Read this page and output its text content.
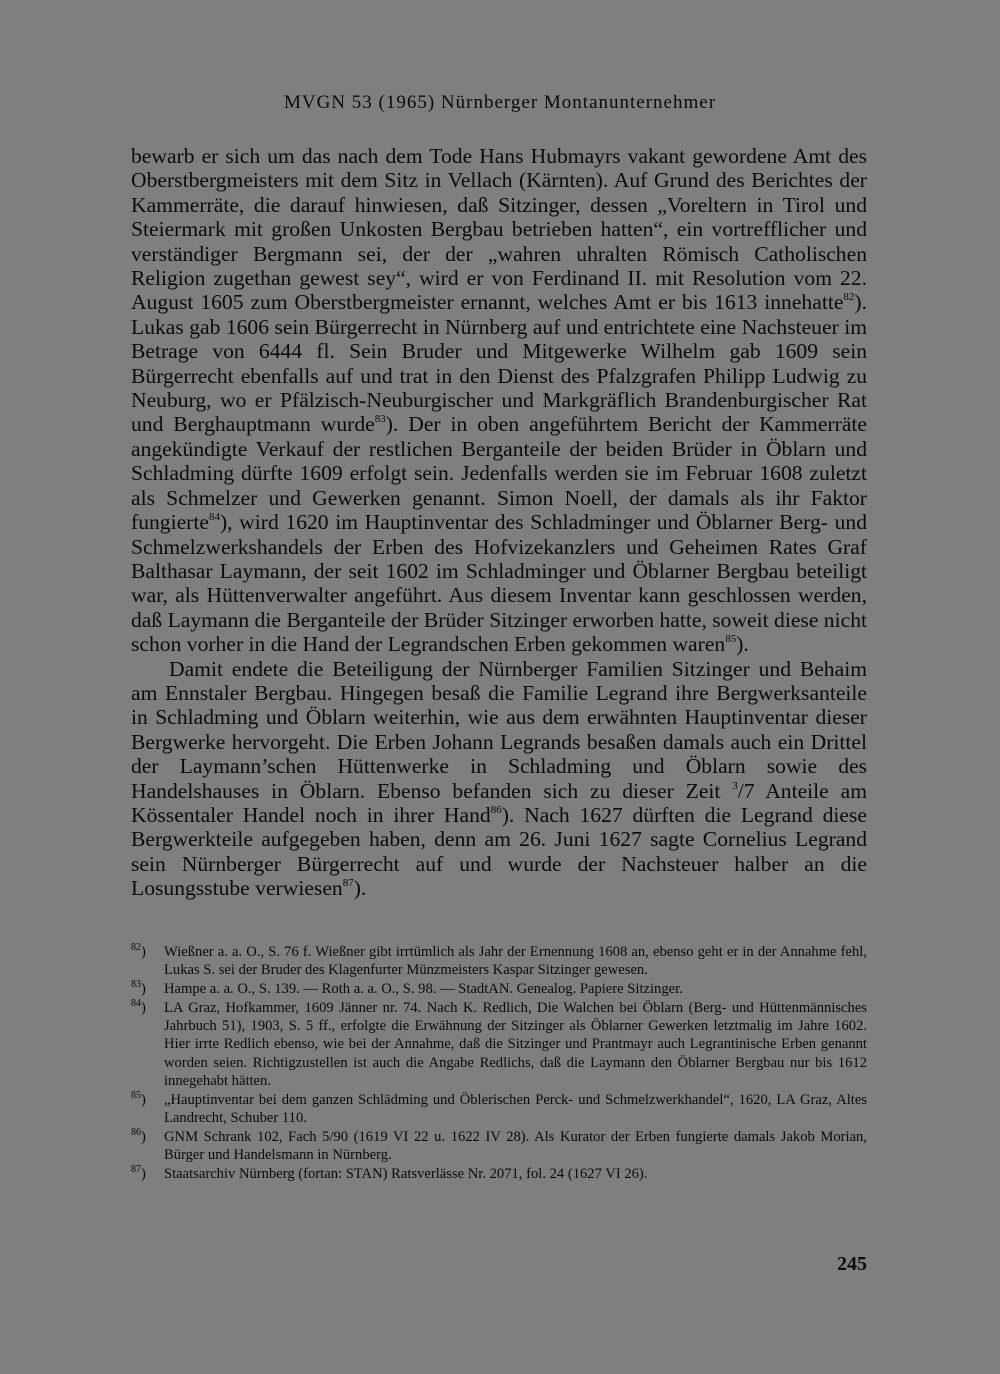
MVGN 53 (1965) Nürnberger Montanunternehmer

bewarb er sich um das nach dem Tode Hans Hubmayrs vakant gewordene Amt des Oberstbergmeisters mit dem Sitz in Vellach (Kärnten). Auf Grund des Berichtes der Kammerräte, die darauf hinwiesen, daß Sitzinger, dessen „Voreltern in Tirol und Steiermark mit großen Unkosten Bergbau betrieben hatten“, ein vortrefflicher und verständiger Bergmann sei, der der „wahren uhralten Römisch Catholischen Religion zugethan gewest sey“, wird er von Ferdinand II. mit Resolution vom 22. August 1605 zum Oberstbergmeister ernannt, welches Amt er bis 1613 innehatte$^{82}$). Lukas gab 1606 sein Bürgerrecht in Nürnberg auf und entrichtete eine Nachsteuer im Betrage von 6444 fl. Sein Bruder und Mitgewerke Wilhelm gab 1609 sein Bürgerrecht ebenfalls auf und trat in den Dienst des Pfalzgrafen Philipp Ludwig zu Neuburg, wo er Pfälzisch-Neuburgischer und Markgräflich Brandenburgischer Rat und Berghauptmann wurde$^{83}$). Der in oben angeführtem Bericht der Kammerräte angekündigte Verkauf der restlichen Berganteile der beiden Brüder in Öblarn und Schladming dürfte 1609 erfolgt sein. Jedenfalls werden sie im Februar 1608 zuletzt als Schmelzer und Gewerken genannt. Simon Noell, der damals als ihr Faktor fungierte$^{84}$), wird 1620 im Hauptinventar des Schladminger und Öblarner Berg- und Schmelzwerkshandels der Erben des Hofvizekanzlers und Geheimen Rates Graf Balthasar Laymann, der seit 1602 im Schladminger und Öblarner Bergbau beteiligt war, als Hüttenverwalter angeführt. Aus diesem Inventar kann geschlossen werden, daß Laymann die Berganteile der Brüder Sitzinger erworben hatte, soweit diese nicht schon vorher in die Hand der Legrandschen Erben gekommen waren$^{85}$).

Damit endete die Beteiligung der Nürnberger Familien Sitzinger und Behaim am Ennstaler Bergbau. Hingegen besaß die Familie Legrand ihre Bergwerksanteile in Schladming und Öblarn weiterhin, wie aus dem erwähnten Hauptinventar dieser Bergwerke hervorgeht. Die Erben Johann Legrands besaßen damals auch ein Drittel der Laymann’schen Hüttenwerke in Schladming und Öblarn sowie des Handelshauses in Öblarn. Ebenso befanden sich zu dieser Zeit $^3$/7 Anteile am Kössentaler Handel noch in ihrer Hand$^{86}$). Nach 1627 dürften die Legrand diese Bergwerkteile aufgegeben haben, denn am 26. Juni 1627 sagte Cornelius Legrand sein Nürnberger Bürgerrecht auf und wurde der Nachsteuer halber an die Losungsstube verwiesen$^{87}$).

$^{82}$) Wießner a. a. O., S. 76 f. Wießner gibt irrtümlich als Jahr der Ernennung 1608 an, ebenso geht er in der Annahme fehl, Lukas S. sei der Bruder des Klagenfurter Münzmeisters Kaspar Sitzinger gewesen.
$^{83}$) Hampe a. a. O., S. 139. — Roth a. a. O., S. 98. — StadtAN. Genealog. Papiere Sitzinger.
$^{84}$) LA Graz, Hofkammer, 1609 Jänner nr. 74. Nach K. Redlich, Die Walchen bei Öblarn (Berg- und Hüttenmännisches Jahrbuch 51), 1903, S. 5 ff., erfolgte die Erwähnung der Sitzinger als Öblarner Gewerken letztmalig im Jahre 1602. Hier irrte Redlich ebenso, wie bei der Annahme, daß die Sitzinger und Prantmayr auch Legrantinische Erben genannt worden seien. Richtigzustellen ist auch die Angabe Redlichs, daß die Laymann den Öblarner Bergbau nur bis 1612 innegehabt hätten.
$^{85}$) „Hauptinventar bei dem ganzen Schlädming und Öblerischen Perck- und Schmelzwerkhandel“, 1620, LA Graz, Altes Landrecht, Schuber 110.
$^{86}$) GNM Schrank 102, Fach 5/90 (1619 VI 22 u. 1622 IV 28). Als Kurator der Erben fungierte damals Jakob Morian, Bürger und Handelsmann in Nürnberg.
$^{87}$) Staatsarchiv Nürnberg (fortan: STAN) Ratsverlässe Nr. 2071, fol. 24 (1627 VI 26).
245
